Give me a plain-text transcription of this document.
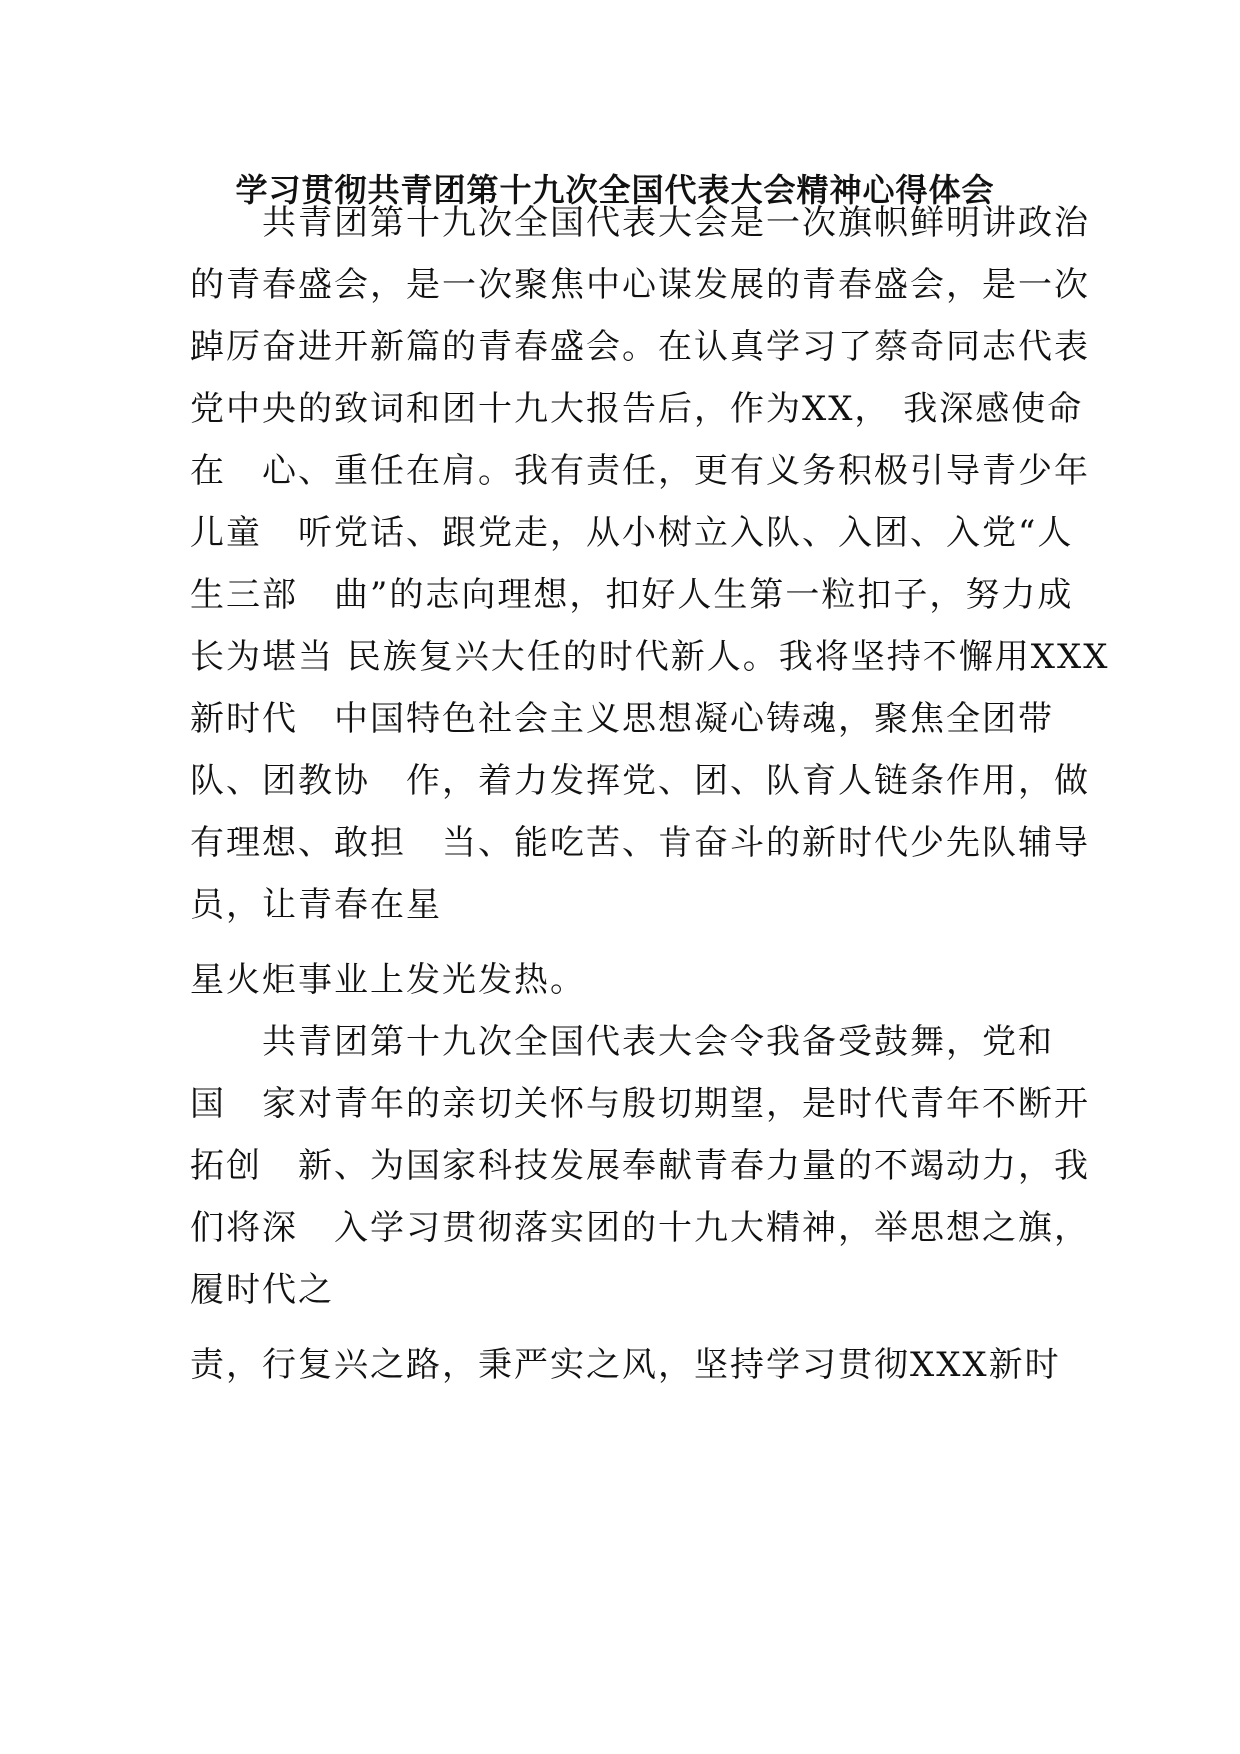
学习贯彻共青团第十九次全国代表大会精神心得体会
　　共青团第十九次全国代表大会是一次旗帜鲜明讲政治
的青春盛会，是一次聚焦中心谋发展的青春盛会，是一次
踔厉奋进开新篇的青春盛会。在认真学习了蔡奇同志代表
党中央的致词和团十九大报告后，作为XX， 我深感使命
在　心、重任在肩。我有责任，更有义务积极引导青少年
儿童　听党话、跟党走，从小树立入队、入团、入党“人
生三部　曲”的志向理想，扣好人生第一粒扣子，努力成
长为堪当 民族复兴大任的时代新人。我将坚持不懈用XXX
新时代　中国特色社会主义思想凝心铸魂，聚焦全团带
队、团教协　作，着力发挥党、团、队育人链条作用，做
有理想、敢担　当、能吃苦、肯奋斗的新时代少先队辅导
员，让青春在星
星火炬事业上发光发热。
　　共青团第十九次全国代表大会令我备受鼓舞，党和
国　家对青年的亲切关怀与殷切期望，是时代青年不断开
拓创　新、为国家科技发展奉献青春力量的不竭动力，我
们将深　入学习贯彻落实团的十九大精神，举思想之旗，
履时代之
责，行复兴之路，秉严实之风，坚持学习贯彻XXX新时
